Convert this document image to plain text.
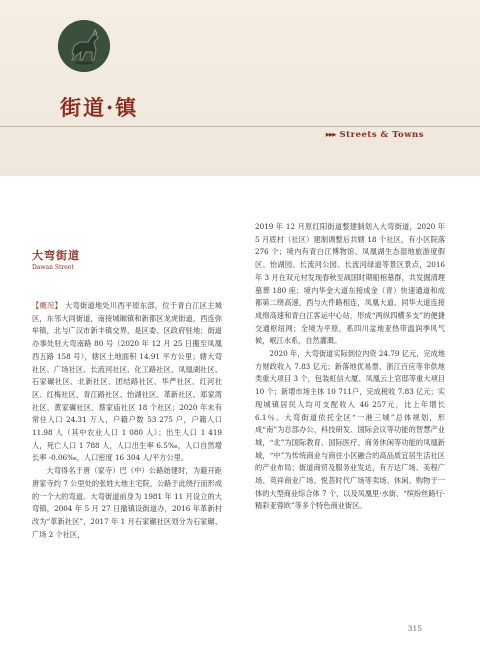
街道·镇
▸▸▸ Streets & Towns
大弯街道
Dawan Street

【概况】 大弯街道地处川西平原东部，位于青白江区主城区，东邻大同街道，南接城厢镇和新都区龙虎街道，西连弥牟镇，北与广汉市新丰镇交界，是区委、区政府驻地；街道办事处驻大弯南路 80 号（2020 年 12 月 25 日搬至凤凰西五路 158 号），辖区土地面积 14.91 平方公里；辖大弯社区、广场社区、长流河社区、化工路社区、凤凰湖社区、石家碾社区、北新社区、团结路社区、华严社区、红河社区、红梅社区、青江路社区、怡湖社区、革新社区、郑家湾社区、黄家碾社区、蔡家庙社区 18 个社区；2020 年末有常住人口 24.31 万人，户籍户数 53 275 户，户籍人口 11.98 人（其中农业人口 1 080 人）；出生人口 1 419 人，死亡人口 1 788 人，人口出生率 6.5‰，人口自然增长率 -0.06‰，人口密度 16 304 人/平方公里。

大弯得名于唐（家寺）巴（中）公路始建时，为避开距唐家寺约 7 公里处的张姓大地主宅院，公路于此绕行而形成的一个大的弯道。大弯街道前身为 1981 年 11 月设立的大弯镇，2004 年 5 月 27 日撤镇设街道办，2016 年革新村改为“革新社区”，2017 年 1 月石家碾社区划分为石家碾、广场 2 个社区，

2019 年 12 月原红阳街道整建制划入大弯街道，2020 年 5 月底村（社区）建制调整后共辖 18 个社区，有小区院落 276 个；境内有青白江博物馆、凤凰湖生态湿地旅游度假区、怡湖园、长流河公园、长流河绿道等景区景点，2016 年 3 月在双元村发现春秋至战国时期船棺墓群，共发掘清理墓葬 180 座；境内华金大道东接成金（青）快速通道和成都第二绕高速，西与大件路相连，凤凰大道、同华大道连接成绵高速和青白江客运中心站，形成“两纵四横多支”的便捷交通枢纽网；全境为平原，系四川盆地亚热带温润季风气候，岷江水系，自然灌溉。

2020 年，大弯街道实际到位内资 24.79 亿元，完成地方财政收入 7.83 亿元；新落地优易票、浙江百应等非供地类重大项目 3 个，包装虹信大厦、凤凰云上官邸等重大项目 10 个；新增市场主体 10 711户，完成税收 7.83 亿元；实现城镇居民人均可支配收入 46 257元，比上年增长 6.1％。大弯街道依托全区“一港三城”总体规划，形成“南”为总部办公、科技研发、国际会议等功能的智慧产业城，“北”为国际教育、国际医疗、商务休闲等功能的凤凰新城，“中”为传统商业与商住小区融合的高品质宜居生活社区的产业布局；街道商贸及服务业发达，有万达广场、美程广场、英祥商业广场、悦荟时代广场等卖场、休闲、购物于一体的大型商业综合体 7 个，以及凤凰里·水街、“缤纷丝路行·精彩亚蓉欧”等多个特色商业街区。

315
